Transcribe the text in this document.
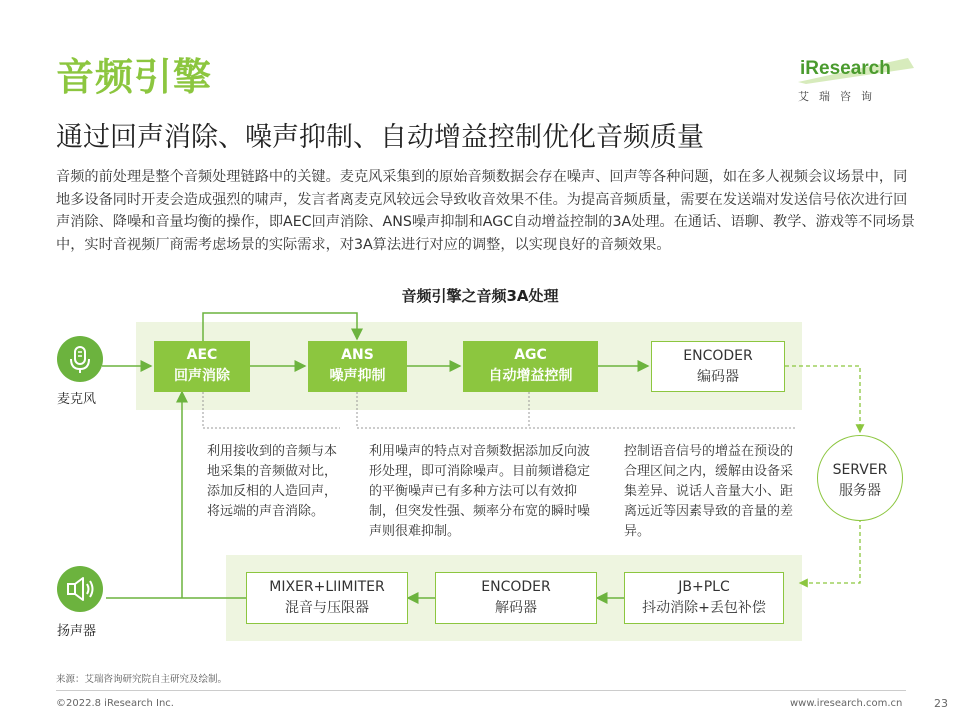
音频引擎
通过回声消除、噪声抑制、自动增益控制优化音频质量
iResearch
艾瑞咨询
音频的前处理是整个音频处理链路中的关键。麦克风采集到的原始音频数据会存在噪声、回声等各种问题，如在多人视频会议场景中，同地多设备同时开麦会造成强烈的啸声，发言者离麦克风较远会导致收音效果不佳。为提高音频质量，需要在发送端对发送信号依次进行回声消除、降噪和音量均衡的操作，即AEC回声消除、ANS噪声抑制和AGC自动增益控制的3A处理。在通话、语聊、教学、游戏等不同场景中，实时音视频厂商需考虑场景的实际需求，对3A算法进行对应的调整，以实现良好的音频效果。
音频引擎之音频3A处理
麦克风
扬声器
AEC
回声消除
ANS
噪声抑制
AGC
自动增益控制
ENCODER
编码器
SERVER
服务器
利用接收到的音频与本地采集的音频做对比，添加反相的人造回声，将远端的声音消除。
利用噪声的特点对音频数据添加反向波形处理，即可消除噪声。目前频谱稳定的平衡噪声已有多种方法可以有效抑制，但突发性强、频率分布宽的瞬时噪声则很难抑制。
控制语音信号的增益在预设的合理区间之内，缓解由设备采集差异、说话人音量大小、距离远近等因素导致的音量的差异。
MIXER+LIIMITER
混音与压限器
ENCODER
解码器
JB+PLC
抖动消除+丢包补偿
来源：艾瑞咨询研究院自主研究及绘制。
©2022.8 iResearch Inc.	www.iresearch.com.cn	23
